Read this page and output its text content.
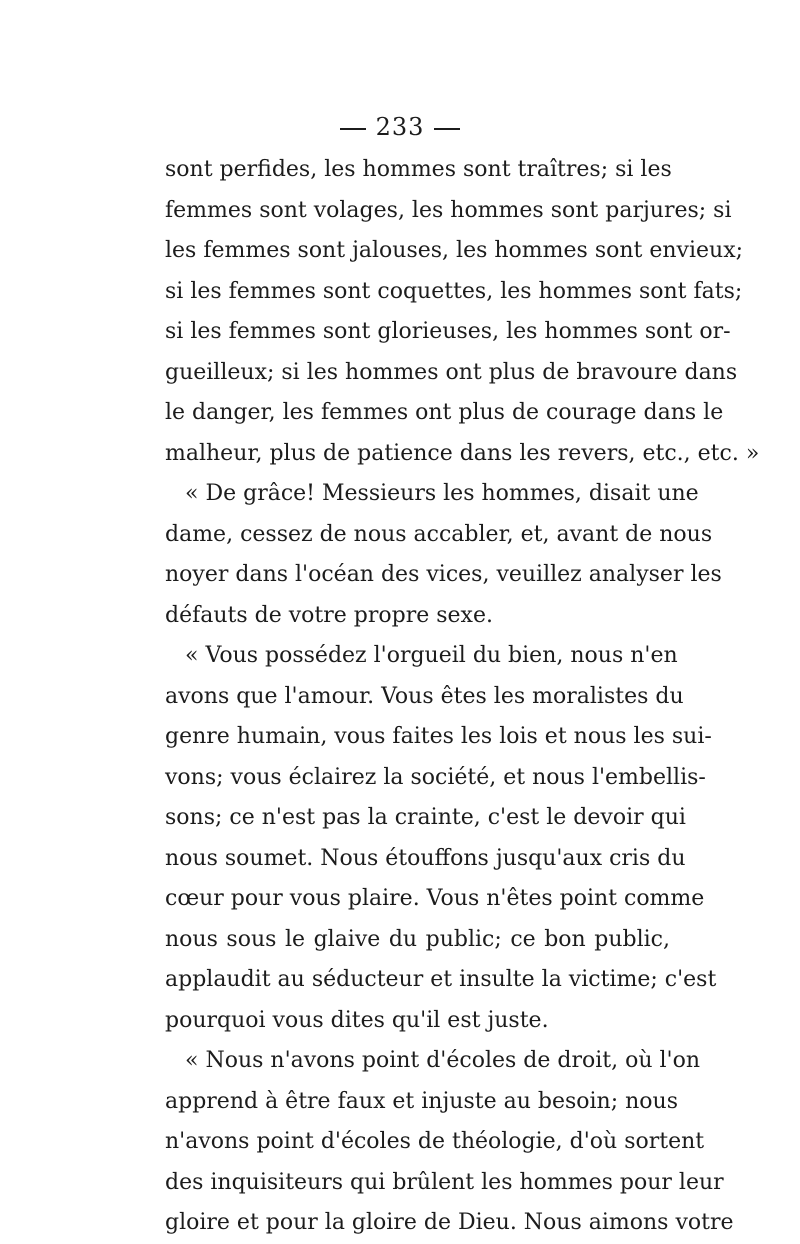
233
sont perfides, les hommes sont traîtres; si les
femmes sont volages, les hommes sont parjures; si
les femmes sont jalouses, les hommes sont envieux;
si les femmes sont coquettes, les hommes sont fats;
si les femmes sont glorieuses, les hommes sont or-
gueilleux; si les hommes ont plus de bravoure dans
le danger, les femmes ont plus de courage dans le
malheur, plus de patience dans les revers, etc., etc. »
« De grâce! Messieurs les hommes, disait une
dame, cessez de nous accabler, et, avant de nous
noyer dans l'océan des vices, veuillez analyser les
défauts de votre propre sexe.
« Vous possédez l'orgueil du bien, nous n'en
avons que l'amour. Vous êtes les moralistes du
genre humain, vous faites les lois et nous les sui-
vons; vous éclairez la société, et nous l'embellis-
sons; ce n'est pas la crainte, c'est le devoir qui
nous soumet. Nous étouffons jusqu'aux cris du
cœur pour vous plaire. Vous n'êtes point comme
nous sous le glaive du public; ce bon public,
applaudit au séducteur et insulte la victime; c'est
pourquoi vous dites qu'il est juste.
« Nous n'avons point d'écoles de droit, où l'on
apprend à être faux et injuste au besoin; nous
n'avons point d'écoles de théologie, d'où sortent
des inquisiteurs qui brûlent les hommes pour leur
gloire et pour la gloire de Dieu. Nous aimons votre
